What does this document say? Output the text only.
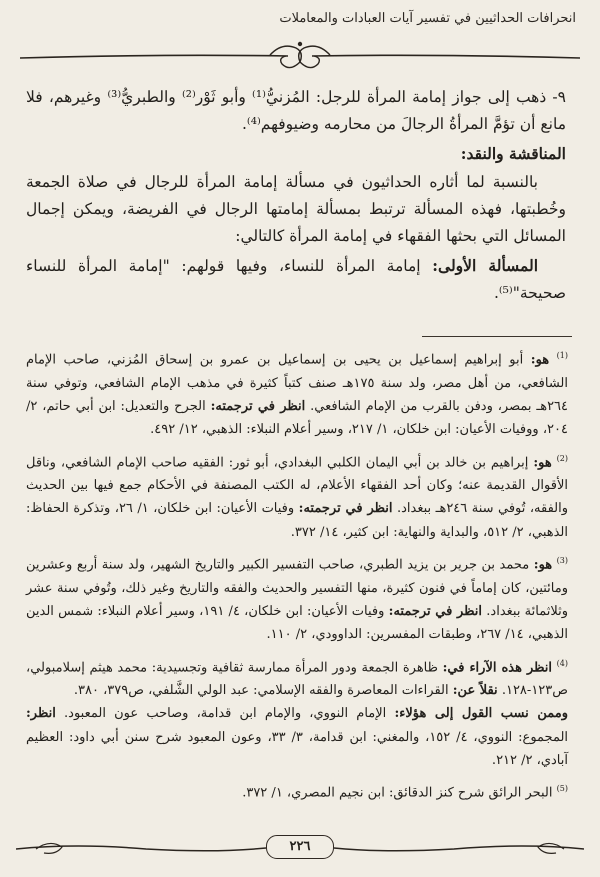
انحرافات الحداثيين في تفسير آيات العبادات والمعاملات

٩- ذهب إلى جواز إمامة المرأة للرجل: المُزنيُّ⁽¹⁾ وأبو ثَوْر⁽²⁾ والطبريُّ⁽³⁾ وغيرهم، فلا مانع أن تؤمَّ المرأةُ الرجالَ من محارمه وضيوفهم⁽⁴⁾.

المناقشة والنقد:

بالنسبة لما أثاره الحداثيون في مسألة إمامة المرأة للرجال في صلاة الجمعة وخُطبتها، فهذه المسألة ترتبط بمسألة إمامتها الرجال في الفريضة، ويمكن إجمال المسائل التي بحثها الفقهاء في إمامة المرأة كالتالي:

المسألة الأولى: إمامة المرأة للنساء، وفيها قولهم: "إمامة المرأة للنساء صحيحة"⁽⁵⁾.

$^{(1)}$ هو: أبو إبراهيم إسماعيل بن يحيى بن إسماعيل بن عمرو بن إسحاق المُزني، صاحب الإمام الشافعي، من أهل مصر، ولد سنة ١٧٥هـ صنف كتباً كثيرة في مذهب الإمام الشافعي، وتوفي سنة ٢٦٤هـ بمصر، ودفن بالقرب من الإمام الشافعي. انظر في ترجمته: الجرح والتعديل: ابن أبي حاتم، ٢/ ٢٠٤، ووفيات الأعيان: ابن خلكان، ١/ ٢١٧، وسير أعلام النبلاء: الذهبي، ١٢/ ٤٩٢.

$^{(2)}$ هو: إبراهيم بن خالد بن أبي اليمان الكلبي البغدادي، أبو ثور: الفقيه صاحب الإمام الشافعي، وناقل الأقوال القديمة عنه؛ وكان أحد الفقهاء الأعلام، له الكتب المصنفة في الأحكام جمع فيها بين الحديث والفقه، تُوفي سنة ٢٤٦هـ ببغداد. انظر في ترجمته: وفيات الأعيان: ابن خلكان، ١/ ٢٦، وتذكرة الحفاظ: الذهبي، ٢/ ٥١٢، والبداية والنهاية: ابن كثير، ١٤/ ٣٧٢.

$^{(3)}$ هو: محمد بن جرير بن يزيد الطبري، صاحب التفسير الكبير والتاريخ الشهير، ولد سنة أربع وعشرين ومائتين، كان إماماً في فنون كثيرة، منها التفسير والحديث والفقه والتاريخ وغير ذلك، وتُوفي سنة عشر وثلاثمائة ببغداد. انظر في ترجمته: وفيات الأعيان: ابن خلكان، ٤/ ١٩١، وسير أعلام النبلاء: شمس الدين الذهبي، ١٤/ ٢٦٧، وطبقات المفسرين: الداوودي، ٢/ ١١٠.

$^{(4)}$ انظر هذه الآراء في: ظاهرة الجمعة ودور المرأة ممارسة ثقافية وتجسيدية: محمد هيثم إسلامبولي، ص١٢٣-١٢٨. نقلاً عن: القراءات المعاصرة والفقه الإسلامي: عبد الولي الشَّلفي، ص٣٧٩، ٣٨٠.
وممن نسب القول إلى هؤلاء: الإمام النووي، والإمام ابن قدامة، وصاحب عون المعبود. انظر: المجموع: النووي، ٤/ ١٥٢، والمغني: ابن قدامة، ٣/ ٣٣، وعون المعبود شرح سنن أبي داود: العظيم آبادي، ٢/ ٢١٢.

$^{(5)}$ البحر الرائق شرح كنز الدقائق: ابن نجيم المصري، ١/ ٣٧٢.

٢٢٦
